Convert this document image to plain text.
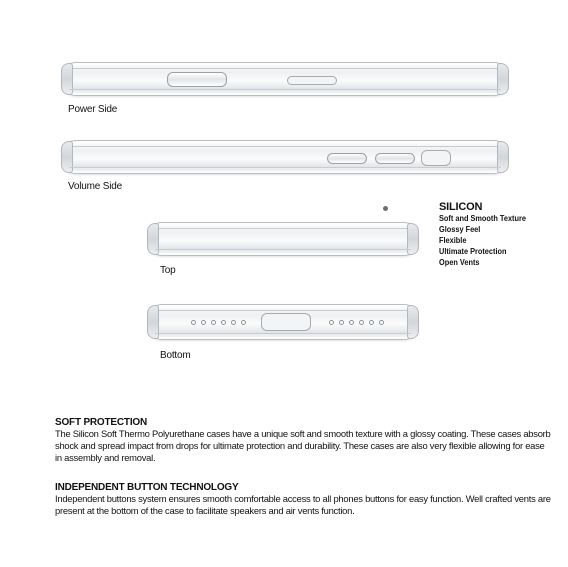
Power Side
Volume Side
Top
Bottom
SILICON
Soft and Smooth Texture
Glossy Feel
Flexible
Ultimate Protection
Open Vents
SOFT PROTECTION
The Silicon Soft Thermo Polyurethane cases have a unique soft and smooth texture with a glossy coating. These cases absorb shock and spread impact from drops for ultimate protection and durability. These cases are also very flexible allowing for ease in assembly and removal.
INDEPENDENT BUTTON TECHNOLOGY
Independent buttons system ensures smooth comfortable access to all phones buttons for easy function. Well crafted vents are present at the bottom of the case to facilitate speakers and air vents function.
